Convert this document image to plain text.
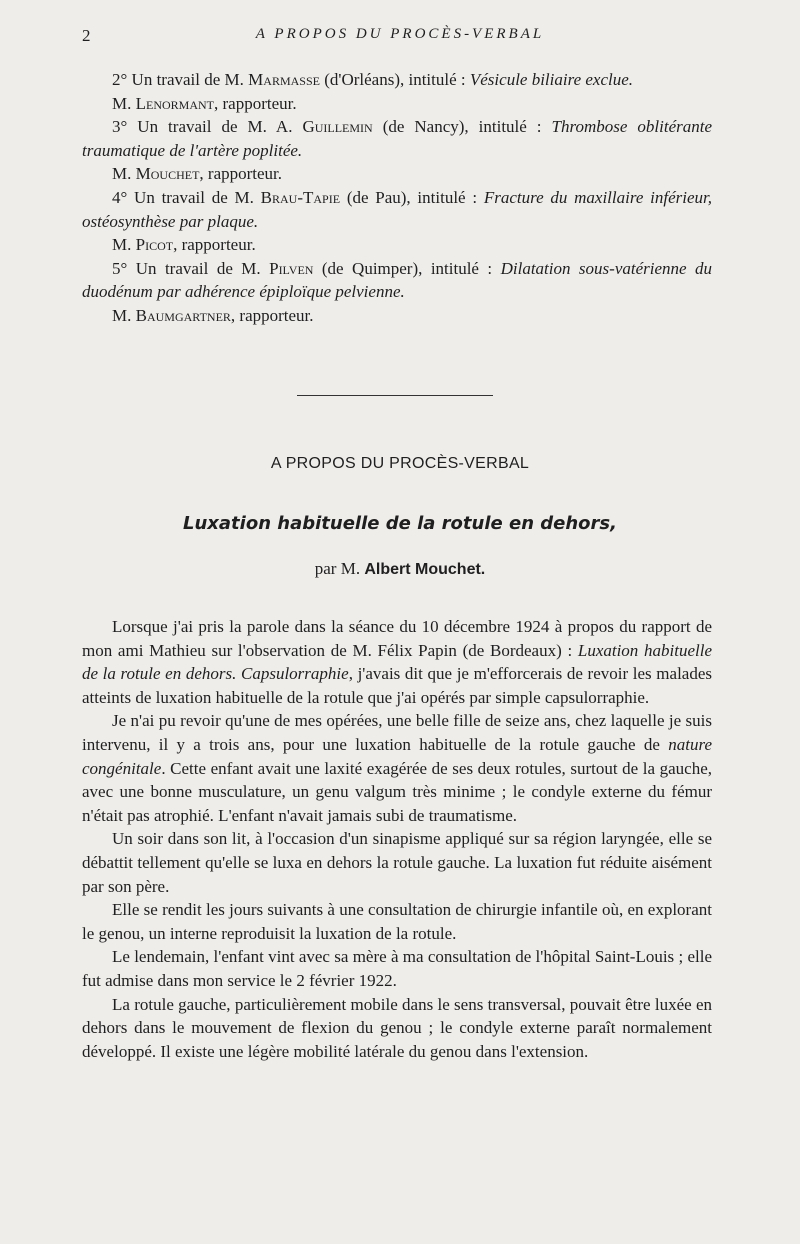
2	A PROPOS DU PROCÈS-VERBAL

2° Un travail de M. Marmasse (d'Orléans), intitulé : Vésicule biliaire exclue.

M. Lenormant, rapporteur.

3° Un travail de M. A. Guillemin (de Nancy), intitulé : Thrombose oblitérante traumatique de l'artère poplitée.

M. Mouchet, rapporteur.

4° Un travail de M. Brau-Tapie (de Pau), intitulé : Fracture du maxillaire inférieur, ostéosynthèse par plaque.

M. Picot, rapporteur.

5° Un travail de M. Pilven (de Quimper), intitulé : Dilatation sous-vatérienne du duodénum par adhérence épiploïque pelvienne.

M. Baumgartner, rapporteur.

A PROPOS DU PROCÈS-VERBAL
Luxation habituelle de la rotule en dehors,
par M. Albert Mouchet.

Lorsque j'ai pris la parole dans la séance du 10 décembre 1924 à propos du rapport de mon ami Mathieu sur l'observation de M. Félix Papin (de Bordeaux) : Luxation habituelle de la rotule en dehors. Capsulorraphie, j'avais dit que je m'efforcerais de revoir les malades atteints de luxation habituelle de la rotule que j'ai opérés par simple capsulorraphie.

Je n'ai pu revoir qu'une de mes opérées, une belle fille de seize ans, chez laquelle je suis intervenu, il y a trois ans, pour une luxation habituelle de la rotule gauche de nature congénitale. Cette enfant avait une laxité exagérée de ses deux rotules, surtout de la gauche, avec une bonne musculature, un genu valgum très minime ; le condyle externe du fémur n'était pas atrophié. L'enfant n'avait jamais subi de traumatisme.

Un soir dans son lit, à l'occasion d'un sinapisme appliqué sur sa région laryngée, elle se débattit tellement qu'elle se luxa en dehors la rotule gauche. La luxation fut réduite aisément par son père.

Elle se rendit les jours suivants à une consultation de chirurgie infantile où, en explorant le genou, un interne reproduisit la luxation de la rotule.

Le lendemain, l'enfant vint avec sa mère à ma consultation de l'hôpital Saint-Louis ; elle fut admise dans mon service le 2 février 1922.

La rotule gauche, particulièrement mobile dans le sens transversal, pouvait être luxée en dehors dans le mouvement de flexion du genou ; le condyle externe paraît normalement développé. Il existe une légère mobilité latérale du genou dans l'extension.
